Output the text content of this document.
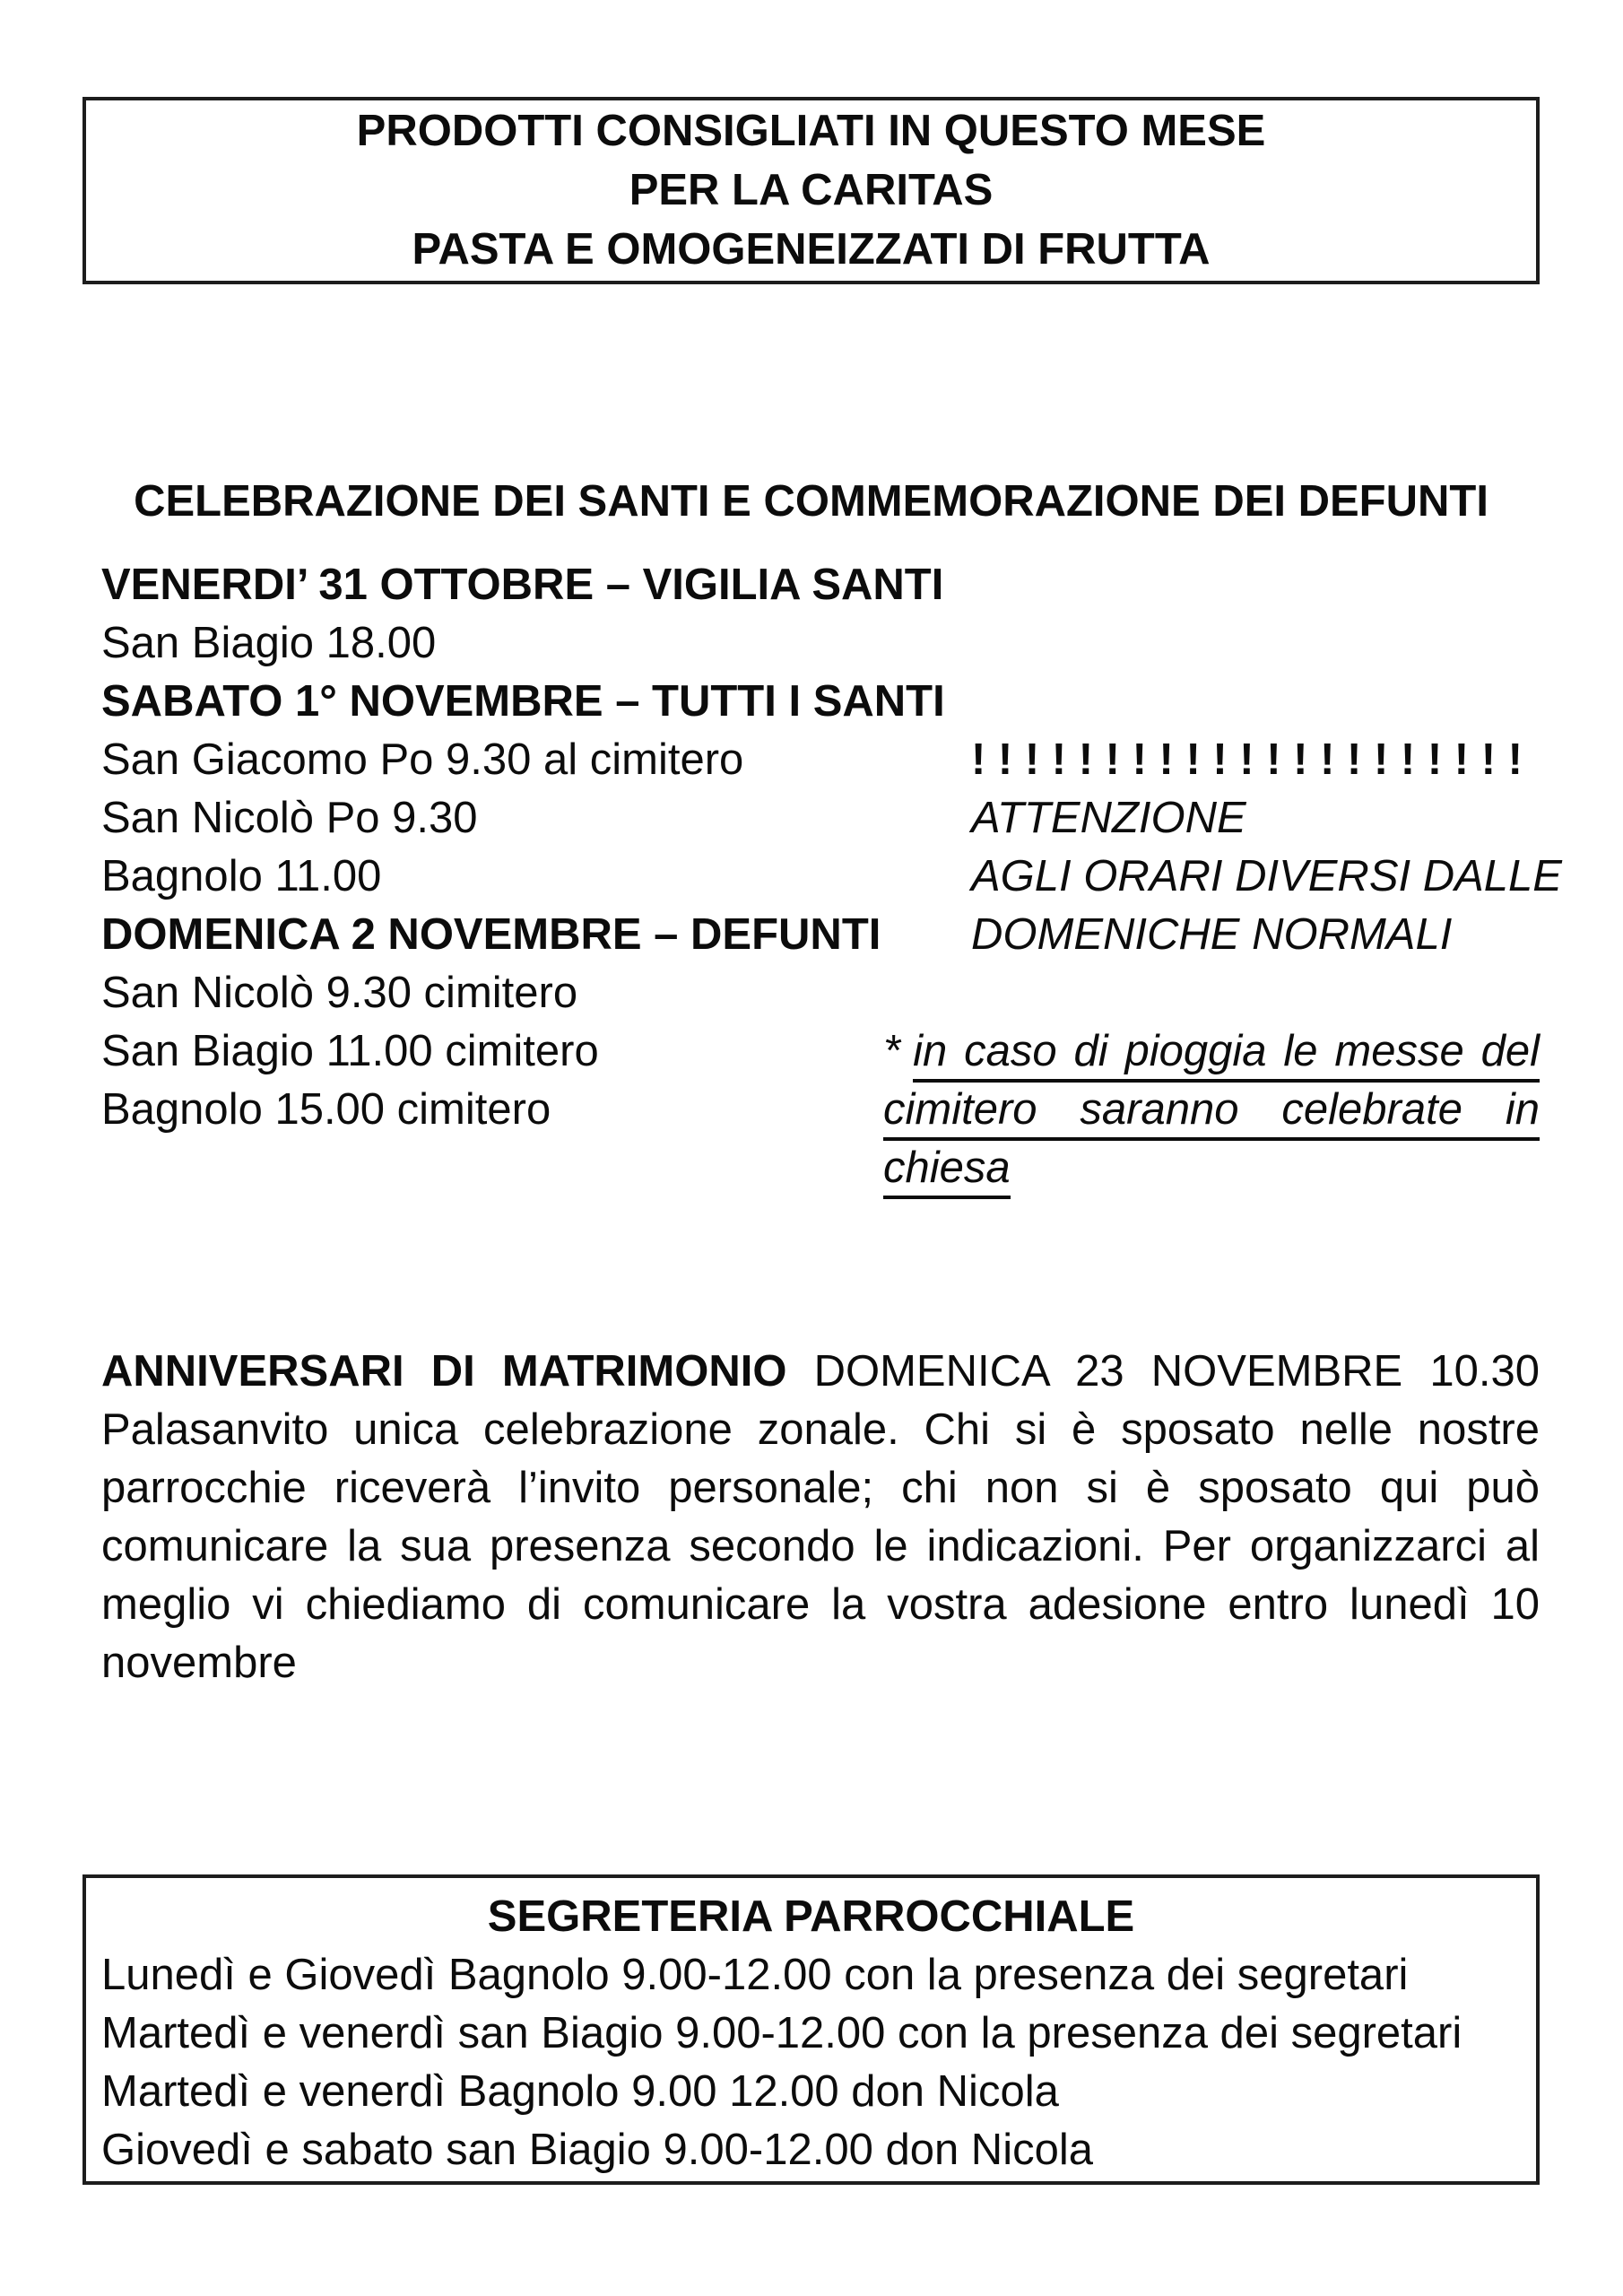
PRODOTTI CONSIGLIATI IN QUESTO MESE
PER LA CARITAS
PASTA E OMOGENEIZZATI DI FRUTTA
CELEBRAZIONE DEI SANTI E COMMEMORAZIONE DEI DEFUNTI
VENERDI’ 31 OTTOBRE – VIGILIA SANTI
San Biagio 18.00
SABATO 1° NOVEMBRE – TUTTI I SANTI
San Giacomo Po 9.30 al cimitero
San Nicolò Po 9.30
Bagnolo 11.00
DOMENICA 2 NOVEMBRE – DEFUNTI
San Nicolò 9.30 cimitero
San Biagio 11.00 cimitero
Bagnolo 15.00 cimitero
! ! ! ! ! ! ! ! ! ! ! ! ! ! ! ! ! ! ! ! !
ATTENZIONE
AGLI ORARI DIVERSI DALLE
DOMENICHE NORMALI
* in caso di pioggia le messe del
cimitero saranno celebrate in
chiesa
ANNIVERSARI DI MATRIMONIO DOMENICA 23 NOVEMBRE 10.30
Palasanvito unica celebrazione zonale. Chi si è sposato nelle nostre
parrocchie riceverà l’invito personale; chi non si è sposato qui può
comunicare la sua presenza secondo le indicazioni. Per organizzarci al
meglio vi chiediamo di comunicare la vostra adesione entro lunedì 10
novembre
SEGRETERIA PARROCCHIALE
Lunedì e Giovedì Bagnolo 9.00-12.00 con la presenza dei segretari
Martedì e venerdì san Biagio 9.00-12.00 con la presenza dei segretari
Martedì e venerdì Bagnolo 9.00 12.00 don Nicola
Giovedì e sabato san Biagio 9.00-12.00 don Nicola
